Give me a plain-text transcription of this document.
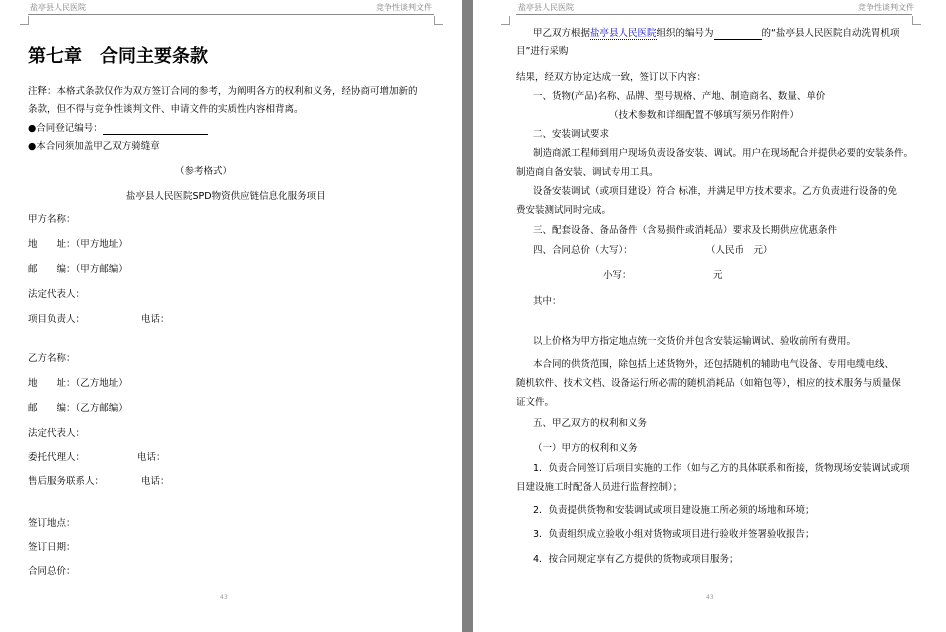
盐亭县人民医院	竞争性谈判文件
第七章　合同主要条款
注释：本格式条款仅作为双方签订合同的参考，为阐明各方的权利和义务，经协商可增加新的
条款，但不得与竞争性谈判文件、申请文件的实质性内容相背离。
●合同登记编号：
●本合同须加盖甲乙双方骑缝章
（参考格式）
盐亭县人民医院SPD物资供应链信息化服务项目
甲方名称：
地　　址：（甲方地址）
邮　　编：（甲方邮编）
法定代表人：
项目负责人：	电话：
乙方名称：
地　　址：（乙方地址）
邮　　编：（乙方邮编）
法定代表人：
委托代理人：	电话：
售后服务联系人：	电话：
签订地点：
签订日期：
合同总价：
43
盐亭县人民医院	竞争性谈判文件
甲乙双方根据盐亭县人民医院组织的编号为	的“盐亭县人民医院自动洗胃机项
目”进行采购
结果，经双方协定达成一致，签订以下内容：
一、货物(产品)名称、品牌、型号规格、产地、制造商名、数量、单价
（技术参数和详细配置不够填写须另作附件）
二、安装调试要求
制造商派工程师到用户现场负责设备安装、调试。用户在现场配合并提供必要的安装条件。
制造商自备安装、调试专用工具。
设备安装调试（或项目建设）符合 标准，并满足甲方技术要求。乙方负责进行设备的免
费安装测试同时完成。
三、配套设备、备品备件（含易损件或消耗品）要求及长期供应优惠条件
四、合同总价（大写）：	（人民币　元）
小写：	元
其中：
以上价格为甲方指定地点统一交货价并包含安装运输调试、验收前所有费用。
本合同的供货范围，除包括上述货物外，还包括随机的辅助电气设备、专用电缆电线、
随机软件、技术文档、设备运行所必需的随机消耗品（如箱包等），相应的技术服务与质量保
证文件。
五、甲乙双方的权利和义务
（一）甲方的权利和义务
1．负责合同签订后项目实施的工作（如与乙方的具体联系和衔接，货物现场安装调试或项
目建设施工时配备人员进行监督控制）；
2．负责提供货物和安装调试或项目建设施工所必须的场地和环境；
3．负责组织成立验收小组对货物或项目进行验收并签署验收报告；
4．按合同规定享有乙方提供的货物或项目服务；
43
